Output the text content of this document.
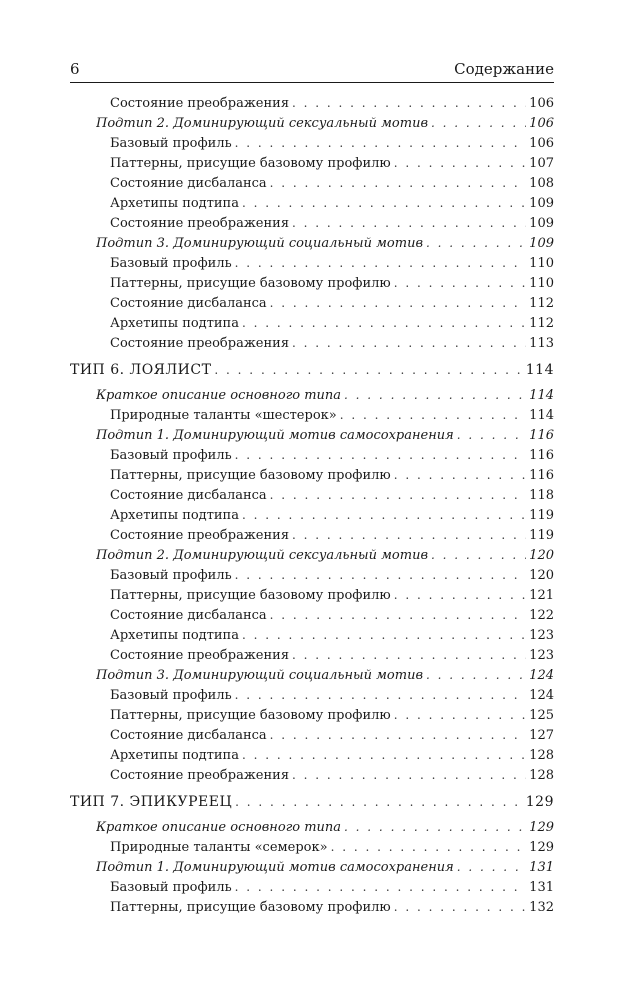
6	Содержание
Состояние преображения . . .	106
Подтип 2. Доминирующий сексуальный мотив . . .	106
Базовый профиль . . .	106
Паттерны, присущие базовому профилю . . .	107
Состояние дисбаланса . . .	108
Архетипы подтипа . . .	109
Состояние преображения . . .	109
Подтип 3. Доминирующий социальный мотив . . .	109
Базовый профиль . . .	110
Паттерны, присущие базовому профилю . . .	110
Состояние дисбаланса . . .	112
Архетипы подтипа . . .	112
Состояние преображения . . .	113
ТИП 6. ЛОЯЛИСТ . . .	114
Краткое описание основного типа . . .	114
Природные таланты «шестерок» . . .	114
Подтип 1. Доминирующий мотив самосохранения . . .	116
Базовый профиль . . .	116
Паттерны, присущие базовому профилю . . .	116
Состояние дисбаланса . . .	118
Архетипы подтипа . . .	119
Состояние преображения . . .	119
Подтип 2. Доминирующий сексуальный мотив . . .	120
Базовый профиль . . .	120
Паттерны, присущие базовому профилю . . .	121
Состояние дисбаланса . . .	122
Архетипы подтипа . . .	123
Состояние преображения . . .	123
Подтип 3. Доминирующий социальный мотив . . .	124
Базовый профиль . . .	124
Паттерны, присущие базовому профилю . . .	125
Состояние дисбаланса . . .	127
Архетипы подтипа . . .	128
Состояние преображения . . .	128
ТИП 7. ЭПИКУРЕЕЦ . . .	129
Краткое описание основного типа . . .	129
Природные таланты «семерок» . . .	129
Подтип 1. Доминирующий мотив самосохранения . . .	131
Базовый профиль . . .	131
Паттерны, присущие базовому профилю . . .	132
